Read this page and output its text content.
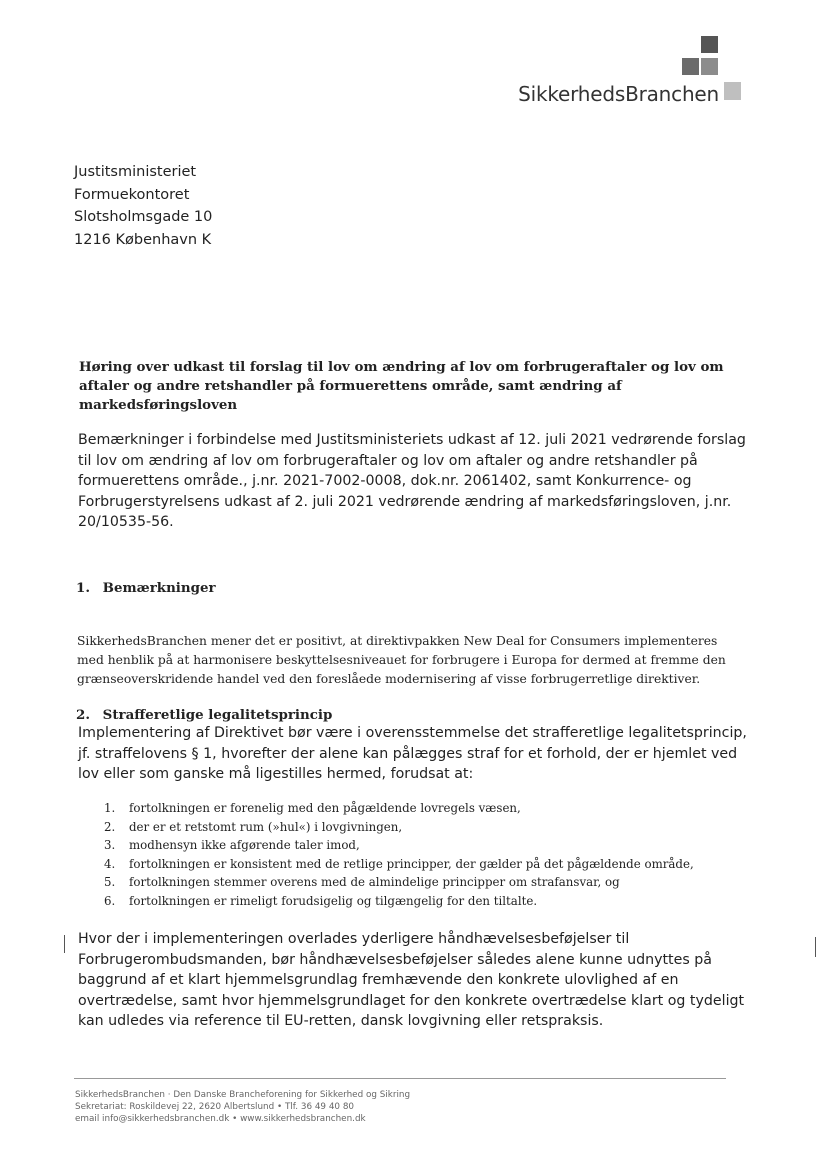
SikkerhedsBranchen
Justitsministeriet
Formuekontoret
Slotsholmsgade 10
1216 København K
Høring over udkast til forslag til lov om ændring af lov om forbrugeraftaler og lov om aftaler og andre retshandler på formuerettens område, samt ændring af markedsføringsloven
Bemærkninger i forbindelse med Justitsministeriets udkast af 12. juli 2021 vedrørende forslag til lov om ændring af lov om forbrugeraftaler og lov om aftaler og andre retshandler på formuerettens område., j.nr. 2021-7002-0008, dok.nr. 2061402, samt Konkurrence- og Forbrugerstyrelsens udkast af 2. juli 2021 vedrørende ændring af markedsføringsloven, j.nr. 20/10535-56.
1. Bemærkninger
SikkerhedsBranchen mener det er positivt, at direktivpakken New Deal for Consumers implementeres med henblik på at harmonisere beskyttelsesniveauet for forbrugere i Europa for dermed at fremme den grænseoverskridende handel ved den foreslåede modernisering af visse forbrugerretlige direktiver.
2. Strafferetlige legalitetsprincip
Implementering af Direktivet bør være i overensstemmelse det strafferetlige legalitetsprincip, jf. straffelovens § 1, hvorefter der alene kan pålægges straf for et forhold, der er hjemlet ved lov eller som ganske må ligestilles hermed, forudsat at:
1. fortolkningen er forenelig med den pågældende lovregels væsen,
2. der er et retstomt rum (»hul«) i lovgivningen,
3. modhensyn ikke afgørende taler imod,
4. fortolkningen er konsistent med de retlige principper, der gælder på det pågældende område,
5. fortolkningen stemmer overens med de almindelige principper om strafansvar, og
6. fortolkningen er rimeligt forudsigelig og tilgængelig for den tiltalte.
Hvor der i implementeringen overlades yderligere håndhævelsesbeføjelser til Forbrugerombudsmanden, bør håndhævelsesbeføjelser således alene kunne udnyttes på baggrund af et klart hjemmelsgrundlag fremhævende den konkrete ulovlighed af en overtrædelse, samt hvor hjemmelsgrundlaget for den konkrete overtrædelse klart og tydeligt kan udledes via reference til EU-retten, dansk lovgivning eller retspraksis.
SikkerhedsBranchen · Den Danske Brancheforening for Sikkerhed og Sikring
Sekretariat: Roskildevej 22, 2620 Albertslund • Tlf. 36 49 40 80
email info@sikkerhedsbranchen.dk • www.sikkerhedsbranchen.dk
